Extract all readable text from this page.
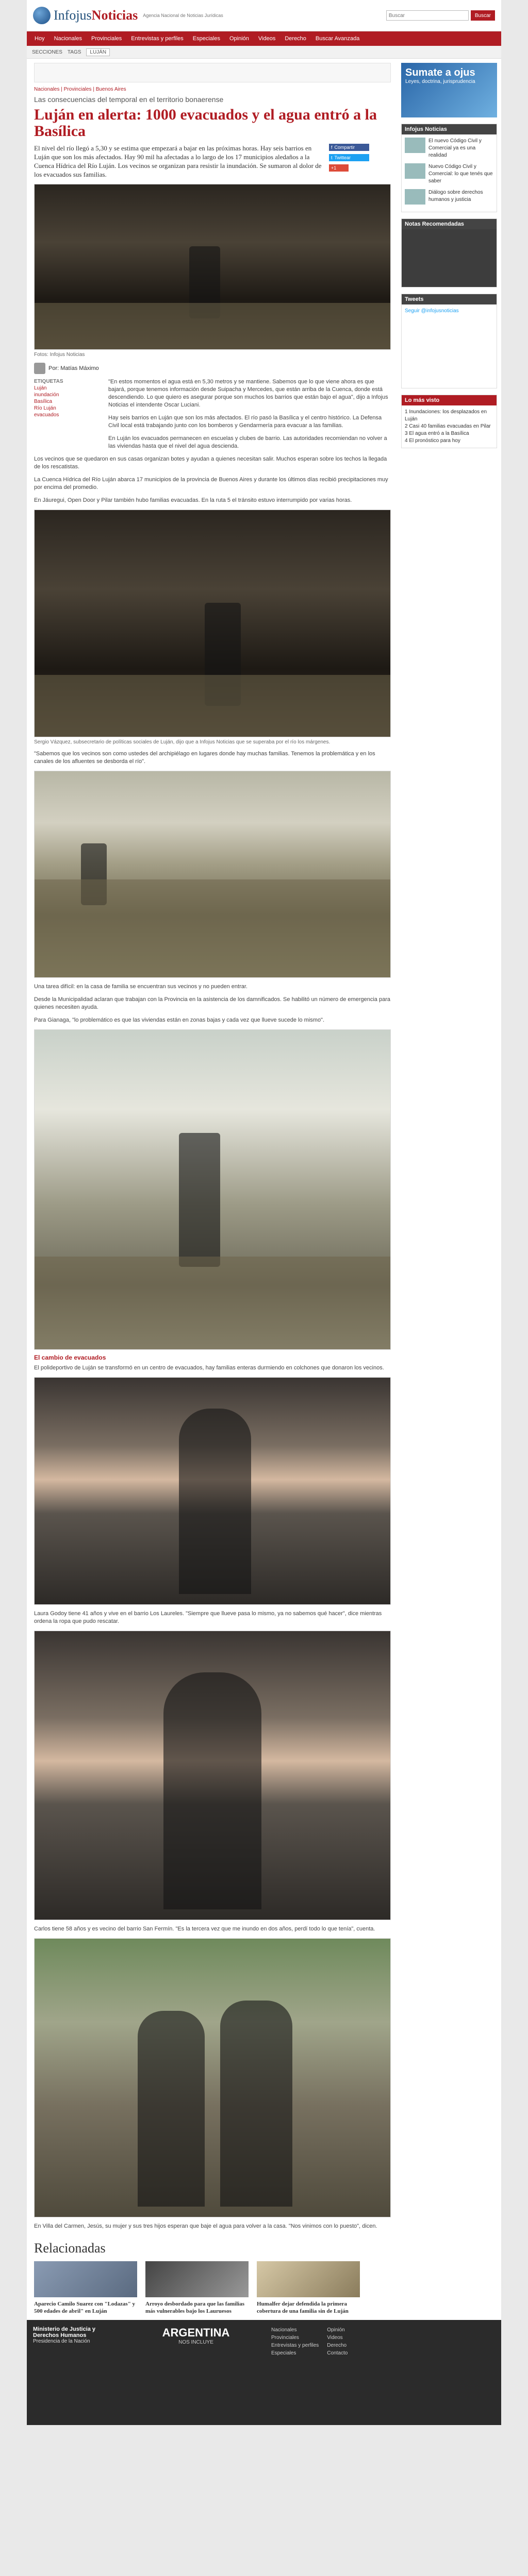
InfojusNoticias Agencia Nacional de Noticias Jurídicas
Buscar	Buscar
Hoy	Nacionales	Provinciales	Entrevistas y perfiles	Especiales	Opinión	Videos	Derecho	Buscar Avanzada
SECCIONES TAGS	LUJÁN
Nacionales | Provinciales | Buenos Aires
Las consecuencias del temporal en el territorio bonaerense
Luján en alerta: 1000 evacuados y el agua entró a la Basílica
El nivel del río llegó a 5,30 y se estima que empezará a bajar en las próximas horas. Hay seis barrios en Luján que son los más afectados. Hay 90 mil ha afectadas a lo largo de los 17 municipios aledaños a la Cuenca Hídrica del Río Luján. Los vecinos se organizan para resistir la inundación. Se sumaron al dolor de los evacuados sus familias.
f Compartir
t Twittear
+1
Fotos: Infojus Noticias
Por: Matías Máximo
ETIQUETAS
Luján
inundación
Basílica
Río Luján
evacuados

"En estos momentos el agua está en 5,30 metros y se mantiene. Sabemos que lo que viene ahora es que bajará, porque tenemos información desde Suipacha y Mercedes, que están arriba de la Cuenca, donde está descendiendo. Lo que quiero es asegurar porque son muchos los barrios que están bajo el agua", dijo a Infojus Noticias el intendente Oscar Luciani.

Hay seis barrios en Luján que son los más afectados. El río pasó la Basílica y el centro histórico. La Defensa Civil local está trabajando junto con los bomberos y Gendarmería para evacuar a las familias.

En Luján los evacuados permanecen en escuelas y clubes de barrio. Las autoridades recomiendan no volver a las viviendas hasta que el nivel del agua descienda.

Los vecinos que se quedaron en sus casas organizan botes y ayudan a quienes necesitan salir. Muchos esperan sobre los techos la llegada de los rescatistas.

La Cuenca Hídrica del Río Luján abarca 17 municipios de la provincia de Buenos Aires y durante los últimos días recibió precipitaciones muy por encima del promedio.

En Jáuregui, Open Door y Pilar también hubo familias evacuadas. En la ruta 5 el tránsito estuvo interrumpido por varias horas.

Sergio Vázquez, subsecretario de políticas sociales de Luján, dijo que a Infojus Noticias que se superaba por el río los márgenes.

"Sabemos que los vecinos son como ustedes del archipiélago en lugares donde hay muchas familias. Tenemos la problemática y en los canales de los afluentes se desborda el río".

Una tarea difícil: en la casa de familia se encuentran sus vecinos y no pueden entrar.

Desde la Municipalidad aclaran que trabajan con la Provincia en la asistencia de los damnificados. Se habilitó un número de emergencia para quienes necesiten ayuda.

Para Gianaga, "lo problemático es que las viviendas están en zonas bajas y cada vez que llueve sucede lo mismo".

El cambio de evacuados

El polideportivo de Luján se transformó en un centro de evacuados, hay familias enteras durmiendo en colchones que donaron los vecinos.

Laura Godoy tiene 41 años y vive en el barrio Los Laureles. "Siempre que llueve pasa lo mismo, ya no sabemos qué hacer", dice mientras ordena la ropa que pudo rescatar.

Carlos tiene 58 años y es vecino del barrio San Fermín. "Es la tercera vez que me inundo en dos años, perdí todo lo que tenía", cuenta.

En Villa del Carmen, Jesús, su mujer y sus tres hijos esperan que baje el agua para volver a la casa. "Nos vinimos con lo puesto", dicen.

Relacionadas
Aparecio Camilo Suarez con "Lodazas" y 500 edades de abril" en Luján
Arroyo desbordado para que las familias más vulnerables bajo los Lauruesos
Humalfer dejar defendida la primera cobertura de una familia sin de Luján
Sumate a ojus
Leyes, doctrina, jurisprudencia
Infojus Noticias
El nuevo Código Civil y Comercial ya es una realidad
Nuevo Código Civil y Comercial: lo que tenés que saber
Diálogo sobre derechos humanos y justicia
Notas Recomendadas
Tweets
Seguir @infojusnoticias
Lo más visto
1 Inundaciones: los desplazados en Luján
2 Casi 40 familias evacuadas en Pilar
3 El agua entró a la Basílica
4 El pronóstico para hoy
Ministerio de Justicia y Derechos Humanos
Presidencia de la Nación
ARGENTINA
NOS INCLUYE
Nacionales
Provinciales
Entrevistas y perfiles
Especiales
Opinión
Videos
Derecho
Contacto
